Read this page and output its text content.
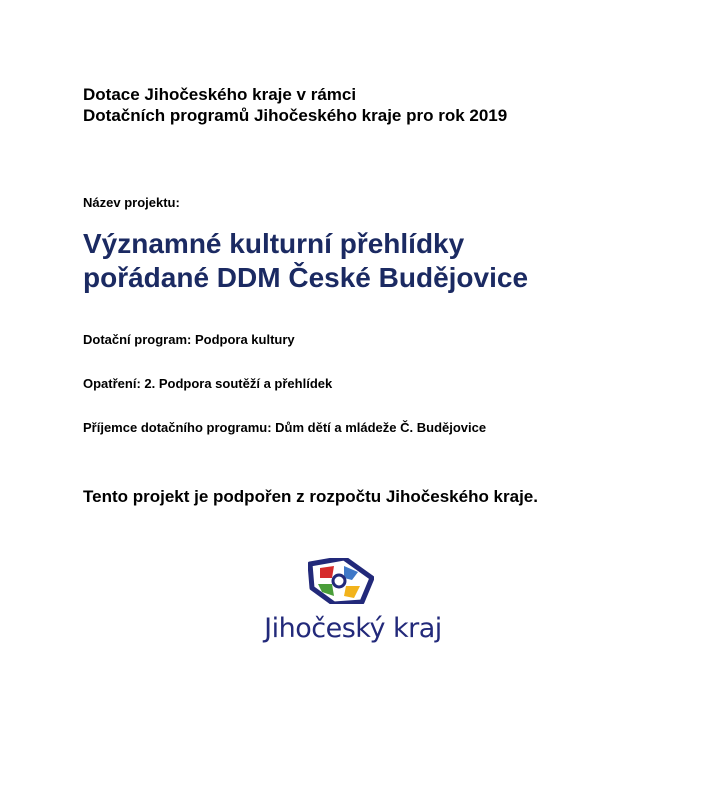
Dotace Jihočeského kraje v rámci
Dotačních programů Jihočeského kraje pro rok 2019
Název projektu:
Významné kulturní přehlídky
pořádané DDM České Budějovice
Dotační program: Podpora kultury
Opatření: 2. Podpora soutěží a přehlídek
Příjemce dotačního programu: Dům dětí a mládeže Č. Budějovice
Tento projekt je podpořen z rozpočtu Jihočeského kraje.
Jihočeský kraj
